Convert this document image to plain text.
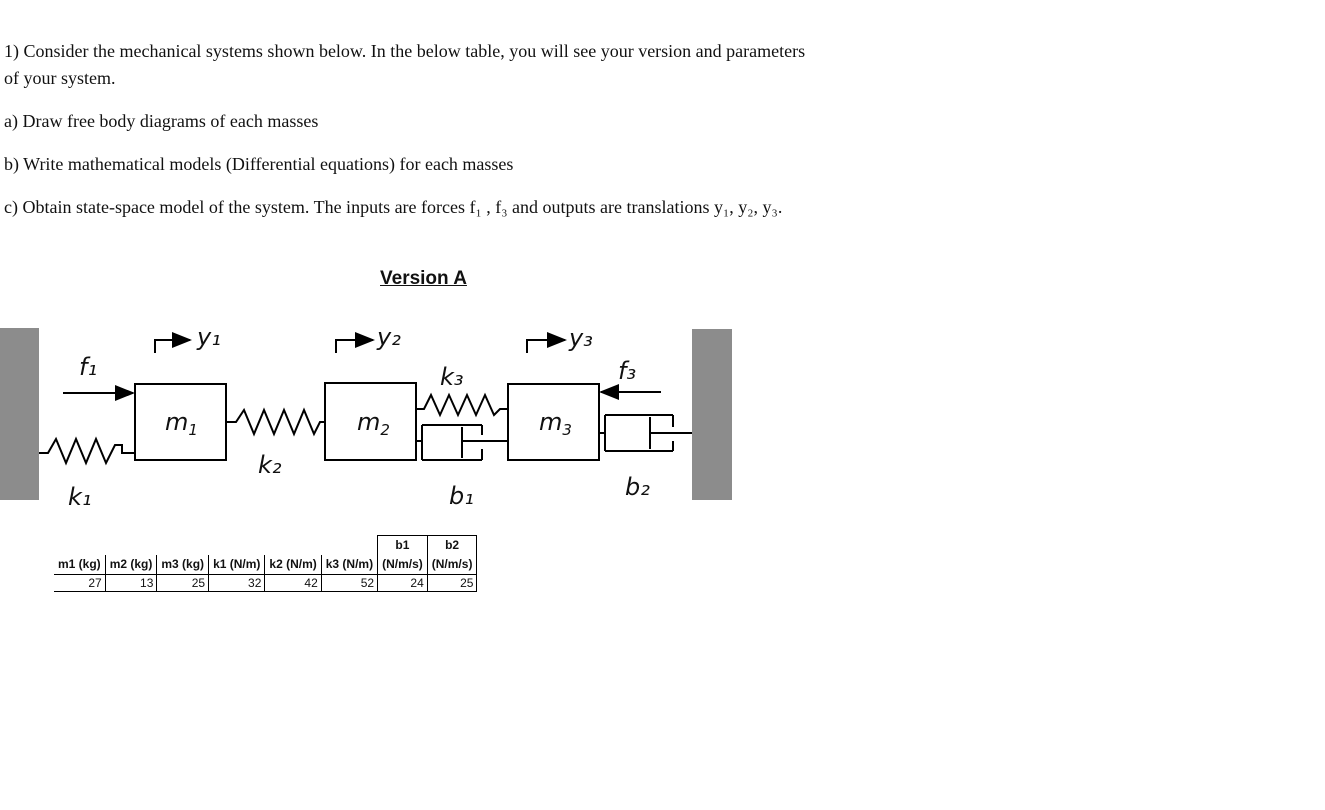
1) Consider the mechanical systems shown below. In the below table, you will see your version and parameters of your system.

a) Draw free body diagrams of each masses

b) Write mathematical models (Differential equations) for each masses

c) Obtain state-space model of the system. The inputs are forces f₁ , f₃ and outputs are translations y₁, y₂, y₃.

Version A
y₁	y₂	y₃
f₁	f₃
k₁
k₂
k₃
b₁	b₂
$m_1$	$m_2$	$m_3$
						b1	b2
m1 (kg)	m2 (kg)	m3 (kg)	k1 (N/m)	k2 (N/m)	k3 (N/m)	(N/m/s)	(N/m/s)
27	13	25	32	42	52	24	25
